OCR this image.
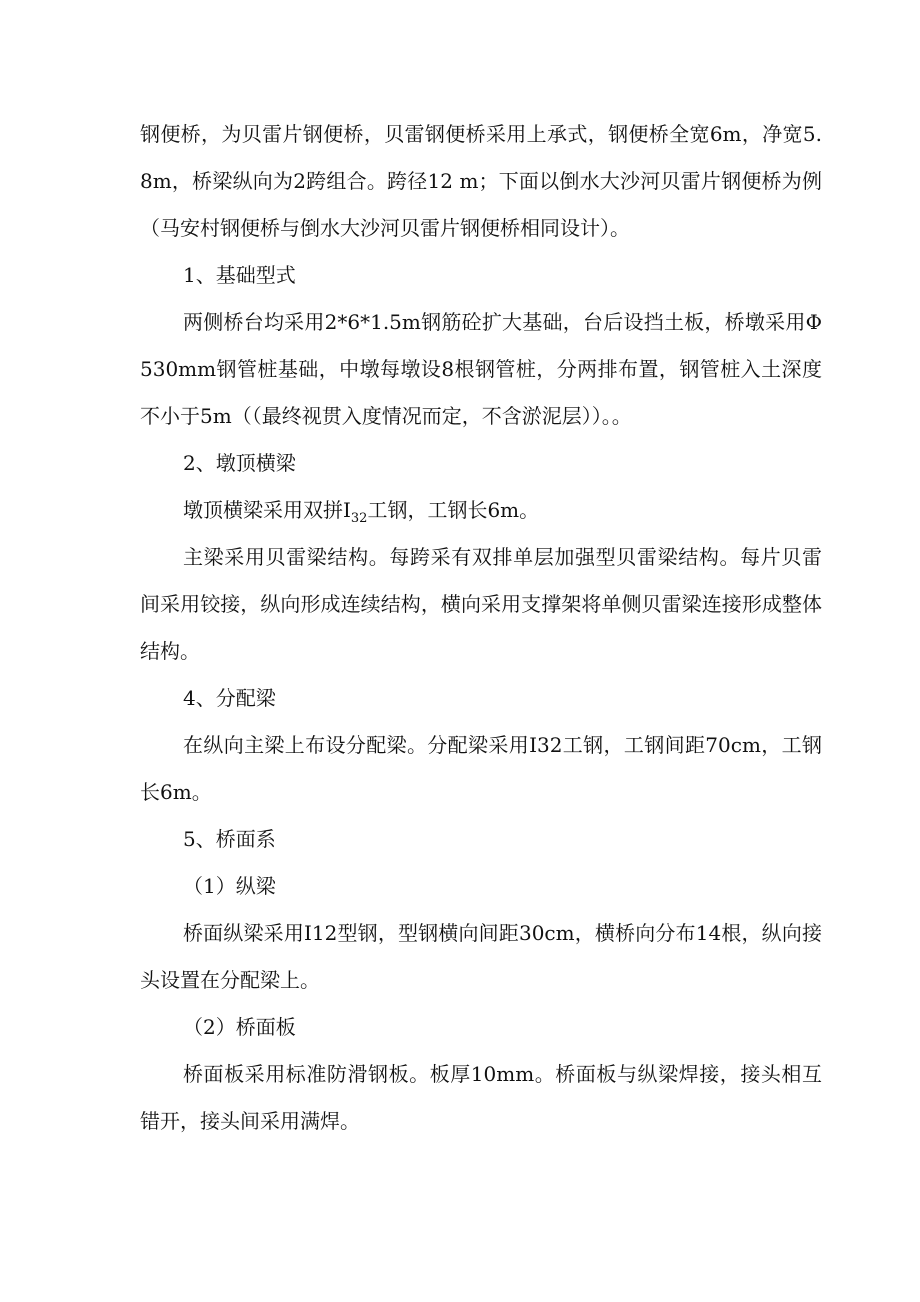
钢便桥，为贝雷片钢便桥，贝雷钢便桥采用上承式，钢便桥全宽6m，净宽5.8m，桥梁纵向为2跨组合。跨径12 m；下面以倒水大沙河贝雷片钢便桥为例（马安村钢便桥与倒水大沙河贝雷片钢便桥相同设计）。

1、基础型式

两侧桥台均采用2*6*1.5m钢筋砼扩大基础，台后设挡土板，桥墩采用Φ530mm钢管桩基础，中墩每墩设8根钢管桩，分两排布置，钢管桩入土深度不小于5m（（最终视贯入度情况而定，不含淤泥层））。。

2、墩顶横梁

墩顶横梁采用双拼$I_{32}$工钢，工钢长6m。

主梁采用贝雷梁结构。每跨采有双排单层加强型贝雷梁结构。每片贝雷间采用铰接，纵向形成连续结构，横向采用支撑架将单侧贝雷梁连接形成整体结构。

4、分配梁

在纵向主梁上布设分配梁。分配梁采用I32工钢，工钢间距70cm，工钢长6m。

5、桥面系

（1）纵梁

桥面纵梁采用I12型钢，型钢横向间距30cm，横桥向分布14根，纵向接头设置在分配梁上。

（2）桥面板

桥面板采用标准防滑钢板。板厚10mm。桥面板与纵梁焊接，接头相互错开，接头间采用满焊。
